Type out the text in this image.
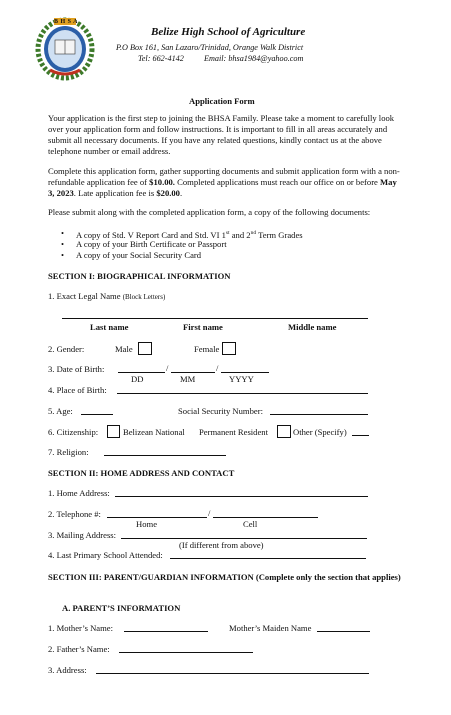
B H S A
Belize High School of Agriculture
P.O Box 161, San Lazaro/Trinidad, Orange Walk District
Tel: 662-4142 Email: bhsa1984@yahoo.com
Application Form
Your application is the first step to joining the BHSA Family. Please take a moment to carefully look over your application form and follow instructions. It is important to fill in all areas accurately and submit all necessary documents. If you have any related questions, kindly contact us at the above telephone number or email address.
Complete this application form, gather supporting documents and submit application form with a non-refundable application fee of $10.00. Completed applications must reach our office on or before May 3, 2023. Late application fee is $20.00.
Please submit along with the completed application form, a copy of the following documents:
• A copy of Std. V Report Card and Std. VI 1st and 2nd Term Grades
• A copy of your Birth Certificate or Passport
• A copy of your Social Security Card
SECTION I: BIOGRAPHICAL INFORMATION
1. Exact Legal Name (Block Letters)
Last name	First name	Middle name
2. Gender:	Male	Female
3. Date of Birth:	/	/
DD	MM	YYYY
4. Place of Birth:
5. Age:	Social Security Number:
6. Citizenship:	Belizean National Permanent Resident	Other (Specify)
7. Religion:
SECTION II: HOME ADDRESS AND CONTACT
1. Home Address:
2. Telephone #:	/
Home	Cell
3. Mailing Address:
(If different from above)
4. Last Primary School Attended:
SECTION III: PARENT/GUARDIAN INFORMATION (Complete only the section that applies)
A. PARENT’S INFORMATION
1. Mother’s Name:	Mother’s Maiden Name
2. Father’s Name:
3. Address:
